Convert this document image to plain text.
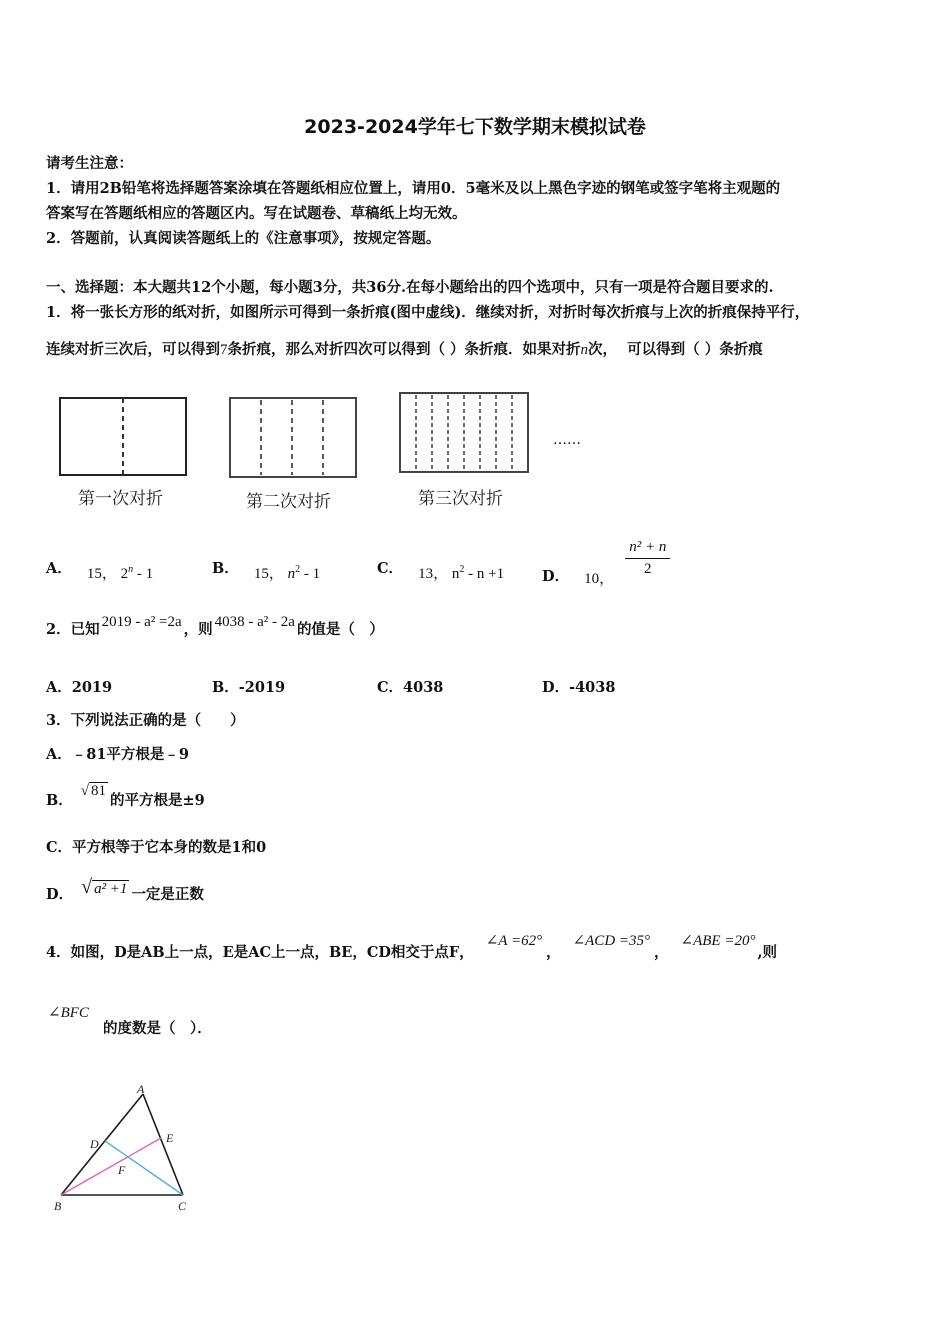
2023-2024学年七下数学期末模拟试卷
请考生注意：
1．请用2B铅笔将选择题答案涂填在答题纸相应位置上，请用0．5毫米及以上黑色字迹的钢笔或签字笔将主观题的
答案写在答题纸相应的答题区内。写在试题卷、草稿纸上均无效。
2．答题前，认真阅读答题纸上的《注意事项》，按规定答题。
一、选择题：本大题共12个小题，每小题3分，共36分.在每小题给出的四个选项中，只有一项是符合题目要求的.
1．将一张长方形的纸对折，如图所示可得到一条折痕(图中虚线)．继续对折，对折时每次折痕与上次的折痕保持平行，
连续对折三次后，可以得到7条折痕，那么对折四次可以得到（ ）条折痕．如果对折n次， 可以得到（ ）条折痕
第一次对折	第二次对折	第三次对折
……
A． 15， 2$^n$ - 1	B． 15， $n^2 - 1$	C． 13， $n^2 - n +1$	D． 10，
$\frac{\text{n² + n}}{2}$
2．已知 2019 - a² =2a ，则 4038 - a² - 2a 的值是（　）
A．2019	B．-2019	C．4038	D．-4038
3．下列说法正确的是（　　）
A．﹣81平方根是﹣9
B．√ 81的平方根是±9
C．平方根等于它本身的数是1和0
D． √ a² +1 一定是正数
4．如图，D是AB上一点，E是AC上一点，BE，CD相交于点F，∠A =62°，∠ACD =35°，∠ABE =20°,则
∠BFC
的度数是（　）．
A
B	C
D	E
F
